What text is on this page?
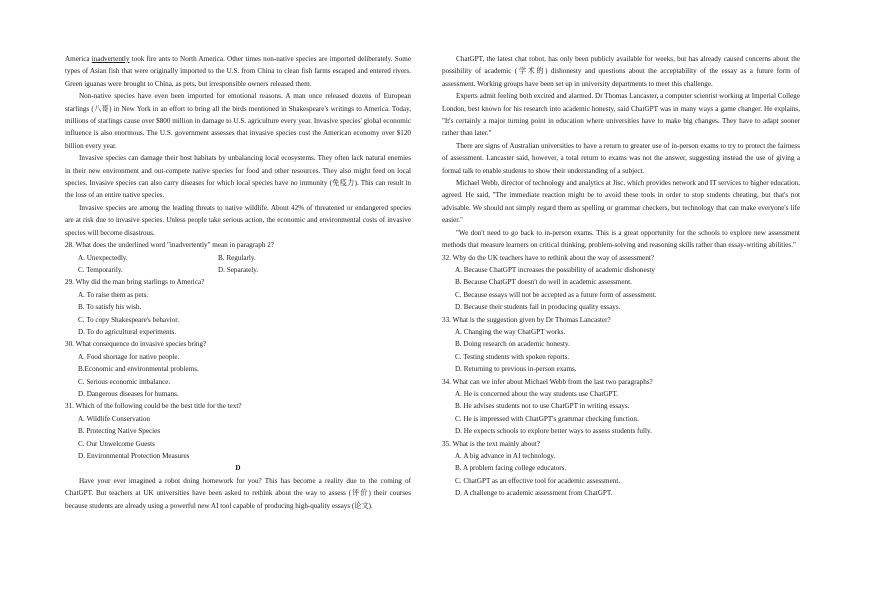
America inadvertently took fire ants to North America. Other times non-native species are imported deliberately. Some types of Asian fish that were originally imported to the U.S. from China to clean fish farms escaped and entered rivers. Green iguanas were brought to China, as pets, but irresponsible owners released them.

Non-native species have even been imported for emotional reasons. A man once released dozens of European starlings (八哥) in New York in an effort to bring all the birds mentioned in Shakespeare's writings to America. Today, millions of starlings cause over $800 million in damage to U.S. agriculture every year. Invasive species' global economic influence is also enormous. The U.S. government assesses that invasive species cost the American economy over $120 billion every year.

Invasive species can damage their host habitats by unbalancing local ecosystems. They often lack natural enemies in their new environment and out-compete native species for food and other resources. They also might feed on local species. Invasive species can also carry diseases for which local species have no immunity (免疫力). This can result in the loss of an entire native species.

Invasive species are among the leading threats to native wildlife. About 42% of threatened or endangered species are at risk due to invasive species. Unless people take serious action, the economic and environmental costs of invasive species will become disastrous.

28. What does the underlined word "inadvertently" mean in paragraph 2?

A. Unexpectedly.	B. Regularly.
C. Temporarily.	D. Separately.

29. Why did the man bring starlings to America?

A. To raise them as pets.

B. To satisfy his wish.

C. To copy Shakespeare's behavior.

D. To do agricultural experiments.

30. What consequence do invasive species bring?

A. Food shortage for native people.

B.Economic and environmental problems.

C. Serious economic imbalance.

D. Dangerous diseases for humans.

31. Which of the following could be the best title for the text?

A. Wildlife Conservation

B. Protecting Native Species

C. Our Unwelcome Guests

D. Environmental Protection Measures

D

Have your ever imagined a robot doing homework for you? This has become a reality due to the coming of ChatGPT. But teachers at UK universities have been asked to rethink about the way to assess (评价) their courses because students are already using a powerful new AI tool capable of producing high-quality essays (论文).

ChatGPT, the latest chat robot, has only been publicly available for weeks, but has already caused concerns about the possibility of academic (学术的) dishonesty and questions about the acceptability of the essay as a future form of assessment. Working groups have been set up in university departments to meet this challenge.

Experts admit feeling both excited and alarmed. Dr Thomas Lancaster, a computer scientist working at Imperial College London, best known for his research into academic honesty, said ChatGPT was in many ways a game changer. He explains, "It's certainly a major turning point in education where universities have to make big changes. They have to adapt sooner rather than later."

There are signs of Australian universities to have a return to greater use of in-person exams to try to protect the fairness of assessment. Lancaster said, however, a total return to exams was not the answer, suggesting instead the use of giving a formal talk to enable students to show their understanding of a subject.

Michael Webb, director of technology and analytics at Jisc, which provides network and IT services to higher education, agreed. He said, "The immediate reaction might be to avoid these tools in order to stop students cheating, but that's not advisable. We should not simply regard them as spelling or grammar checkers, but technology that can make everyone's life easier."

"We don't need to go back to in-person exams. This is a great opportunity for the schools to explore new assessment methods that measure learners on critical thinking, problem-solving and reasoning skills rather than essay-writing abilities."

32. Why do the UK teachers have to rethink about the way of assessment?

A. Because ChatGPT increases the possibility of academic dishonesty

B. Because ChatGPT doesn't do well in academic assessment.

C. Because essays will not be accepted as a future form of assessment.

D. Because their students fail in producing quality essays.

33. What is the suggestion given by Dr Thomas Lancaster?

A. Changing the way ChatGPT works.

B. Doing research on academic honesty.

C. Testing students with spoken reports.

D. Returning to previous in-person exams.

34. What can we infer about Michael Webb from the last two paragraphs?

A. He is concerned about the way students use ChatGPT.

B. He advises students not to use ChatGPT in writing essays.

C. He is impressed with ChatGPT's grammar checking function.

D. He expects schools to explore better ways to assess students fully.

35. What is the text mainly about?

A. A big advance in AI technology.

B. A problem facing college educators.

C. ChatGPT as an effective tool for academic assessment.

D. A challenge to academic assessment from ChatGPT.
